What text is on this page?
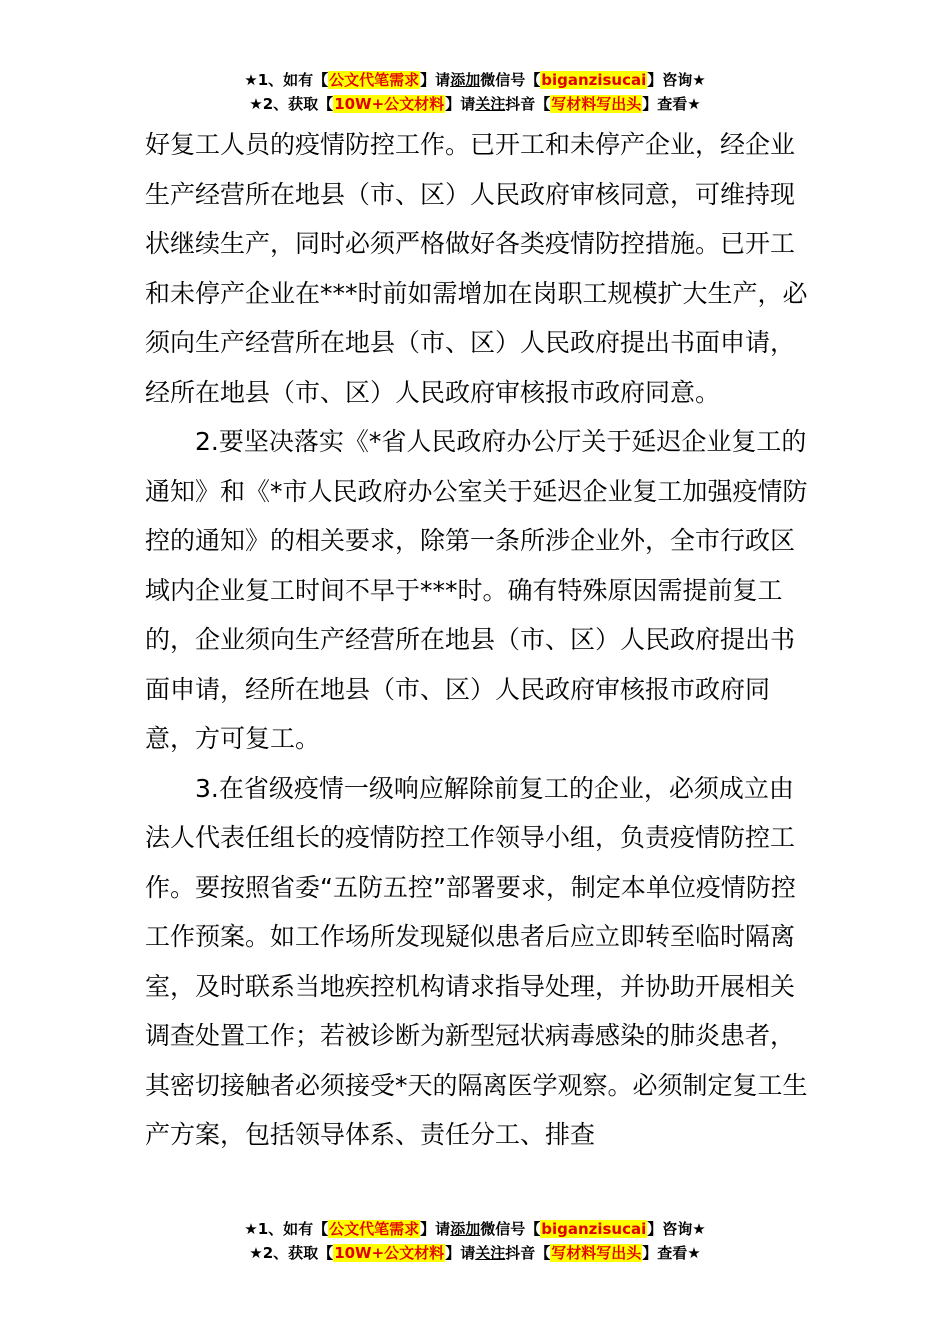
★1、如有【公文代笔需求】请添加微信号【biganzisucai】咨询★
★2、获取【10W+公文材料】请关注抖音【写材料写出头】查看★

好复工人员的疫情防控工作。已开工和未停产企业，经企业生产经营所在地县（市、区）人民政府审核同意，可维持现状继续生产，同时必须严格做好各类疫情防控措施。已开工和未停产企业在***时前如需增加在岗职工规模扩大生产，必须向生产经营所在地县（市、区）人民政府提出书面申请，经所在地县（市、区）人民政府审核报市政府同意。

2.要坚决落实《*省人民政府办公厅关于延迟企业复工的通知》和《*市人民政府办公室关于延迟企业复工加强疫情防控的通知》的相关要求，除第一条所涉企业外，全市行政区域内企业复工时间不早于***时。确有特殊原因需提前复工的，企业须向生产经营所在地县（市、区）人民政府提出书面申请，经所在地县（市、区）人民政府审核报市政府同意，方可复工。

3.在省级疫情一级响应解除前复工的企业，必须成立由法人代表任组长的疫情防控工作领导小组，负责疫情防控工作。要按照省委“五防五控”部署要求，制定本单位疫情防控工作预案。如工作场所发现疑似患者后应立即转至临时隔离室，及时联系当地疾控机构请求指导处理，并协助开展相关调查处置工作；若被诊断为新型冠状病毒感染的肺炎患者，其密切接触者必须接受*天的隔离医学观察。必须制定复工生产方案，包括领导体系、责任分工、排查

★1、如有【公文代笔需求】请添加微信号【biganzisucai】咨询★
★2、获取【10W+公文材料】请关注抖音【写材料写出头】查看★
